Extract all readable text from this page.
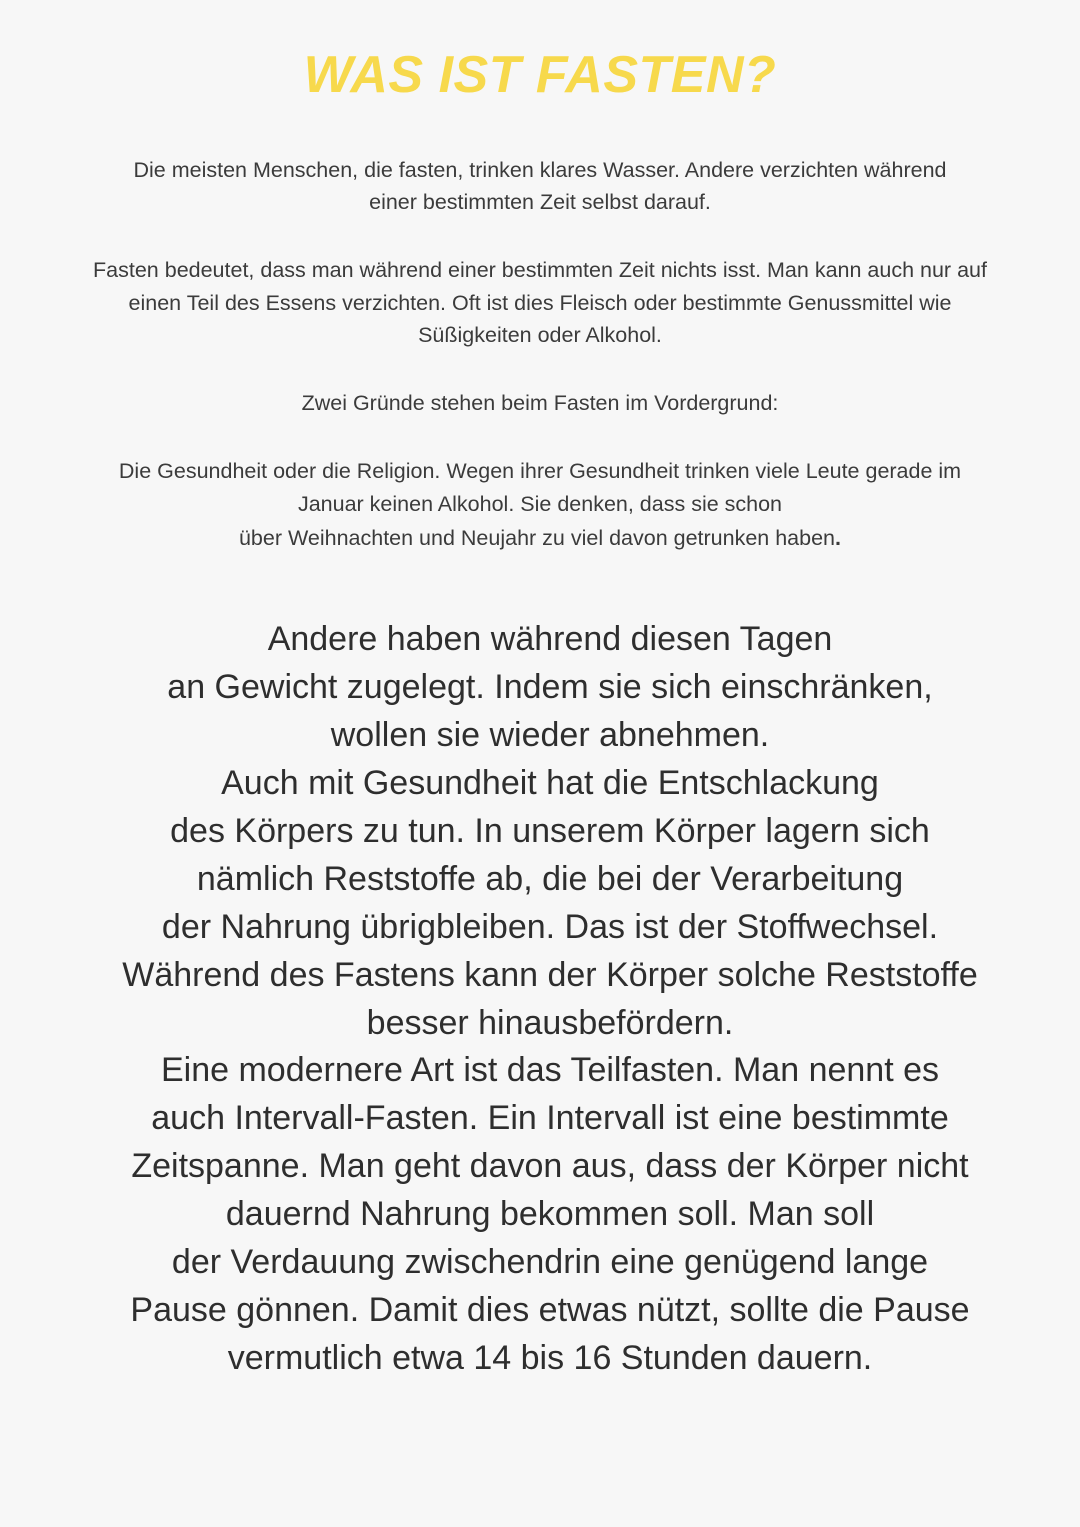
WAS IST FASTEN?

Die meisten Menschen, die fasten, trinken klares Wasser. Andere verzichten während einer bestimmten Zeit selbst darauf.

Fasten bedeutet, dass man während einer bestimmten Zeit nichts isst. Man kann auch nur auf einen Teil des Essens verzichten. Oft ist dies Fleisch oder bestimmte Genussmittel wie Süßigkeiten oder Alkohol.

Zwei Gründe stehen beim Fasten im Vordergrund:

Die Gesundheit oder die Religion. Wegen ihrer Gesundheit trinken viele Leute gerade im Januar keinen Alkohol. Sie denken, dass sie schon

über Weihnachten und Neujahr zu viel davon getrunken haben.

Andere haben während diesen Tagen
an Gewicht zugelegt. Indem sie sich einschränken,
wollen sie wieder abnehmen.
Auch mit Gesundheit hat die Entschlackung
des Körpers zu tun. In unserem Körper lagern sich
nämlich Reststoffe ab, die bei der Verarbeitung
der Nahrung übrigbleiben. Das ist der Stoffwechsel.
Während des Fastens kann der Körper solche Reststoffe
besser hinausbefördern.
Eine modernere Art ist das Teilfasten. Man nennt es
auch Intervall-Fasten. Ein Intervall ist eine bestimmte
Zeitspanne. Man geht davon aus, dass der Körper nicht
dauernd Nahrung bekommen soll. Man soll
der Verdauung zwischendrin eine genügend lange
Pause gönnen. Damit dies etwas nützt, sollte die Pause
vermutlich etwa 14 bis 16 Stunden dauern.
